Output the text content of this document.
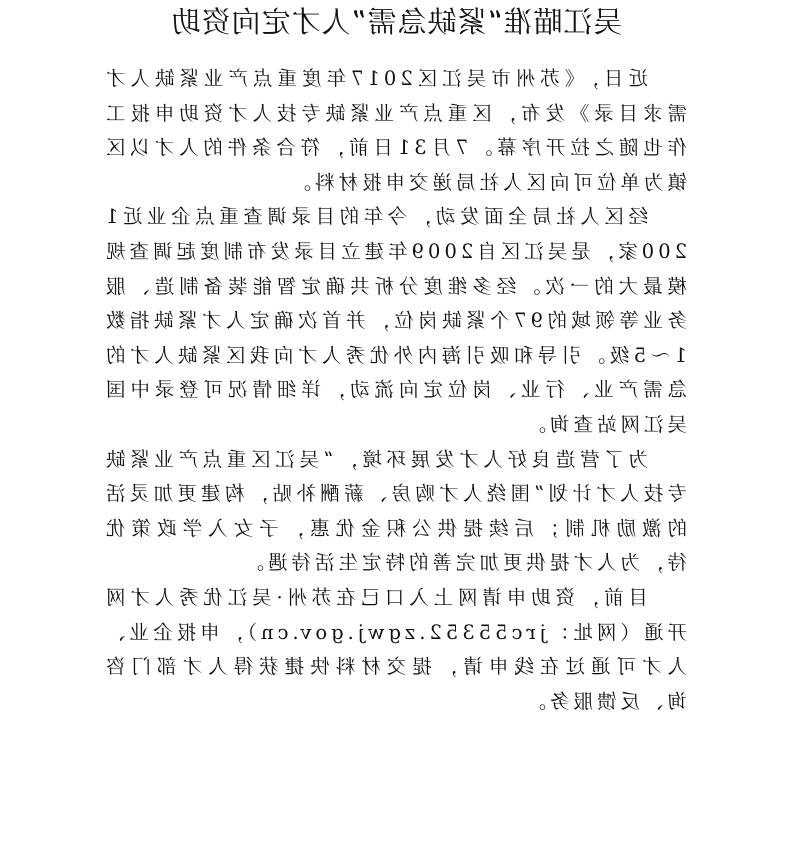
吴江瞄准“紧缺急需”人才定向资助

近日，《苏州市吴江区2017年度重点产业紧缺人才需求目录》发布，区重点产业紧缺专技人才资助申报工作也随之拉开序幕。7月31日前，符合条件的人才以区镇为单位可向区人社局递交申报材料。

经区人社局全面发动，今年的目录调查重点企业近1200家，是吴江区自2009年建立目录发布制度起调查规模最大的一次。经多维度分析共确定智能装备制造、服务业等领域的97个紧缺岗位，并首次确定人才紧缺指数1～5级。引导和吸引海内外优秀人才向我区紧缺人才的急需产业、行业、岗位定向流动，详细情况可登录中国吴江网站查询。

为了营造良好人才发展环境，“吴江区重点产业紧缺专技人才计划”围绕人才购房、薪酬补贴，构建更加灵活的激励机制；后续提供公积金优惠，子女入学政策优待，为人才提供更加完善的特定生活待遇。

目前，资助申请网上入口已在苏州·吴江优秀人才网开通（网址：jrc55352.zgwj.gov.cn），申报企业、人才可通过在线申请，提交材料快捷获得人才部门咨询、反馈服务。
